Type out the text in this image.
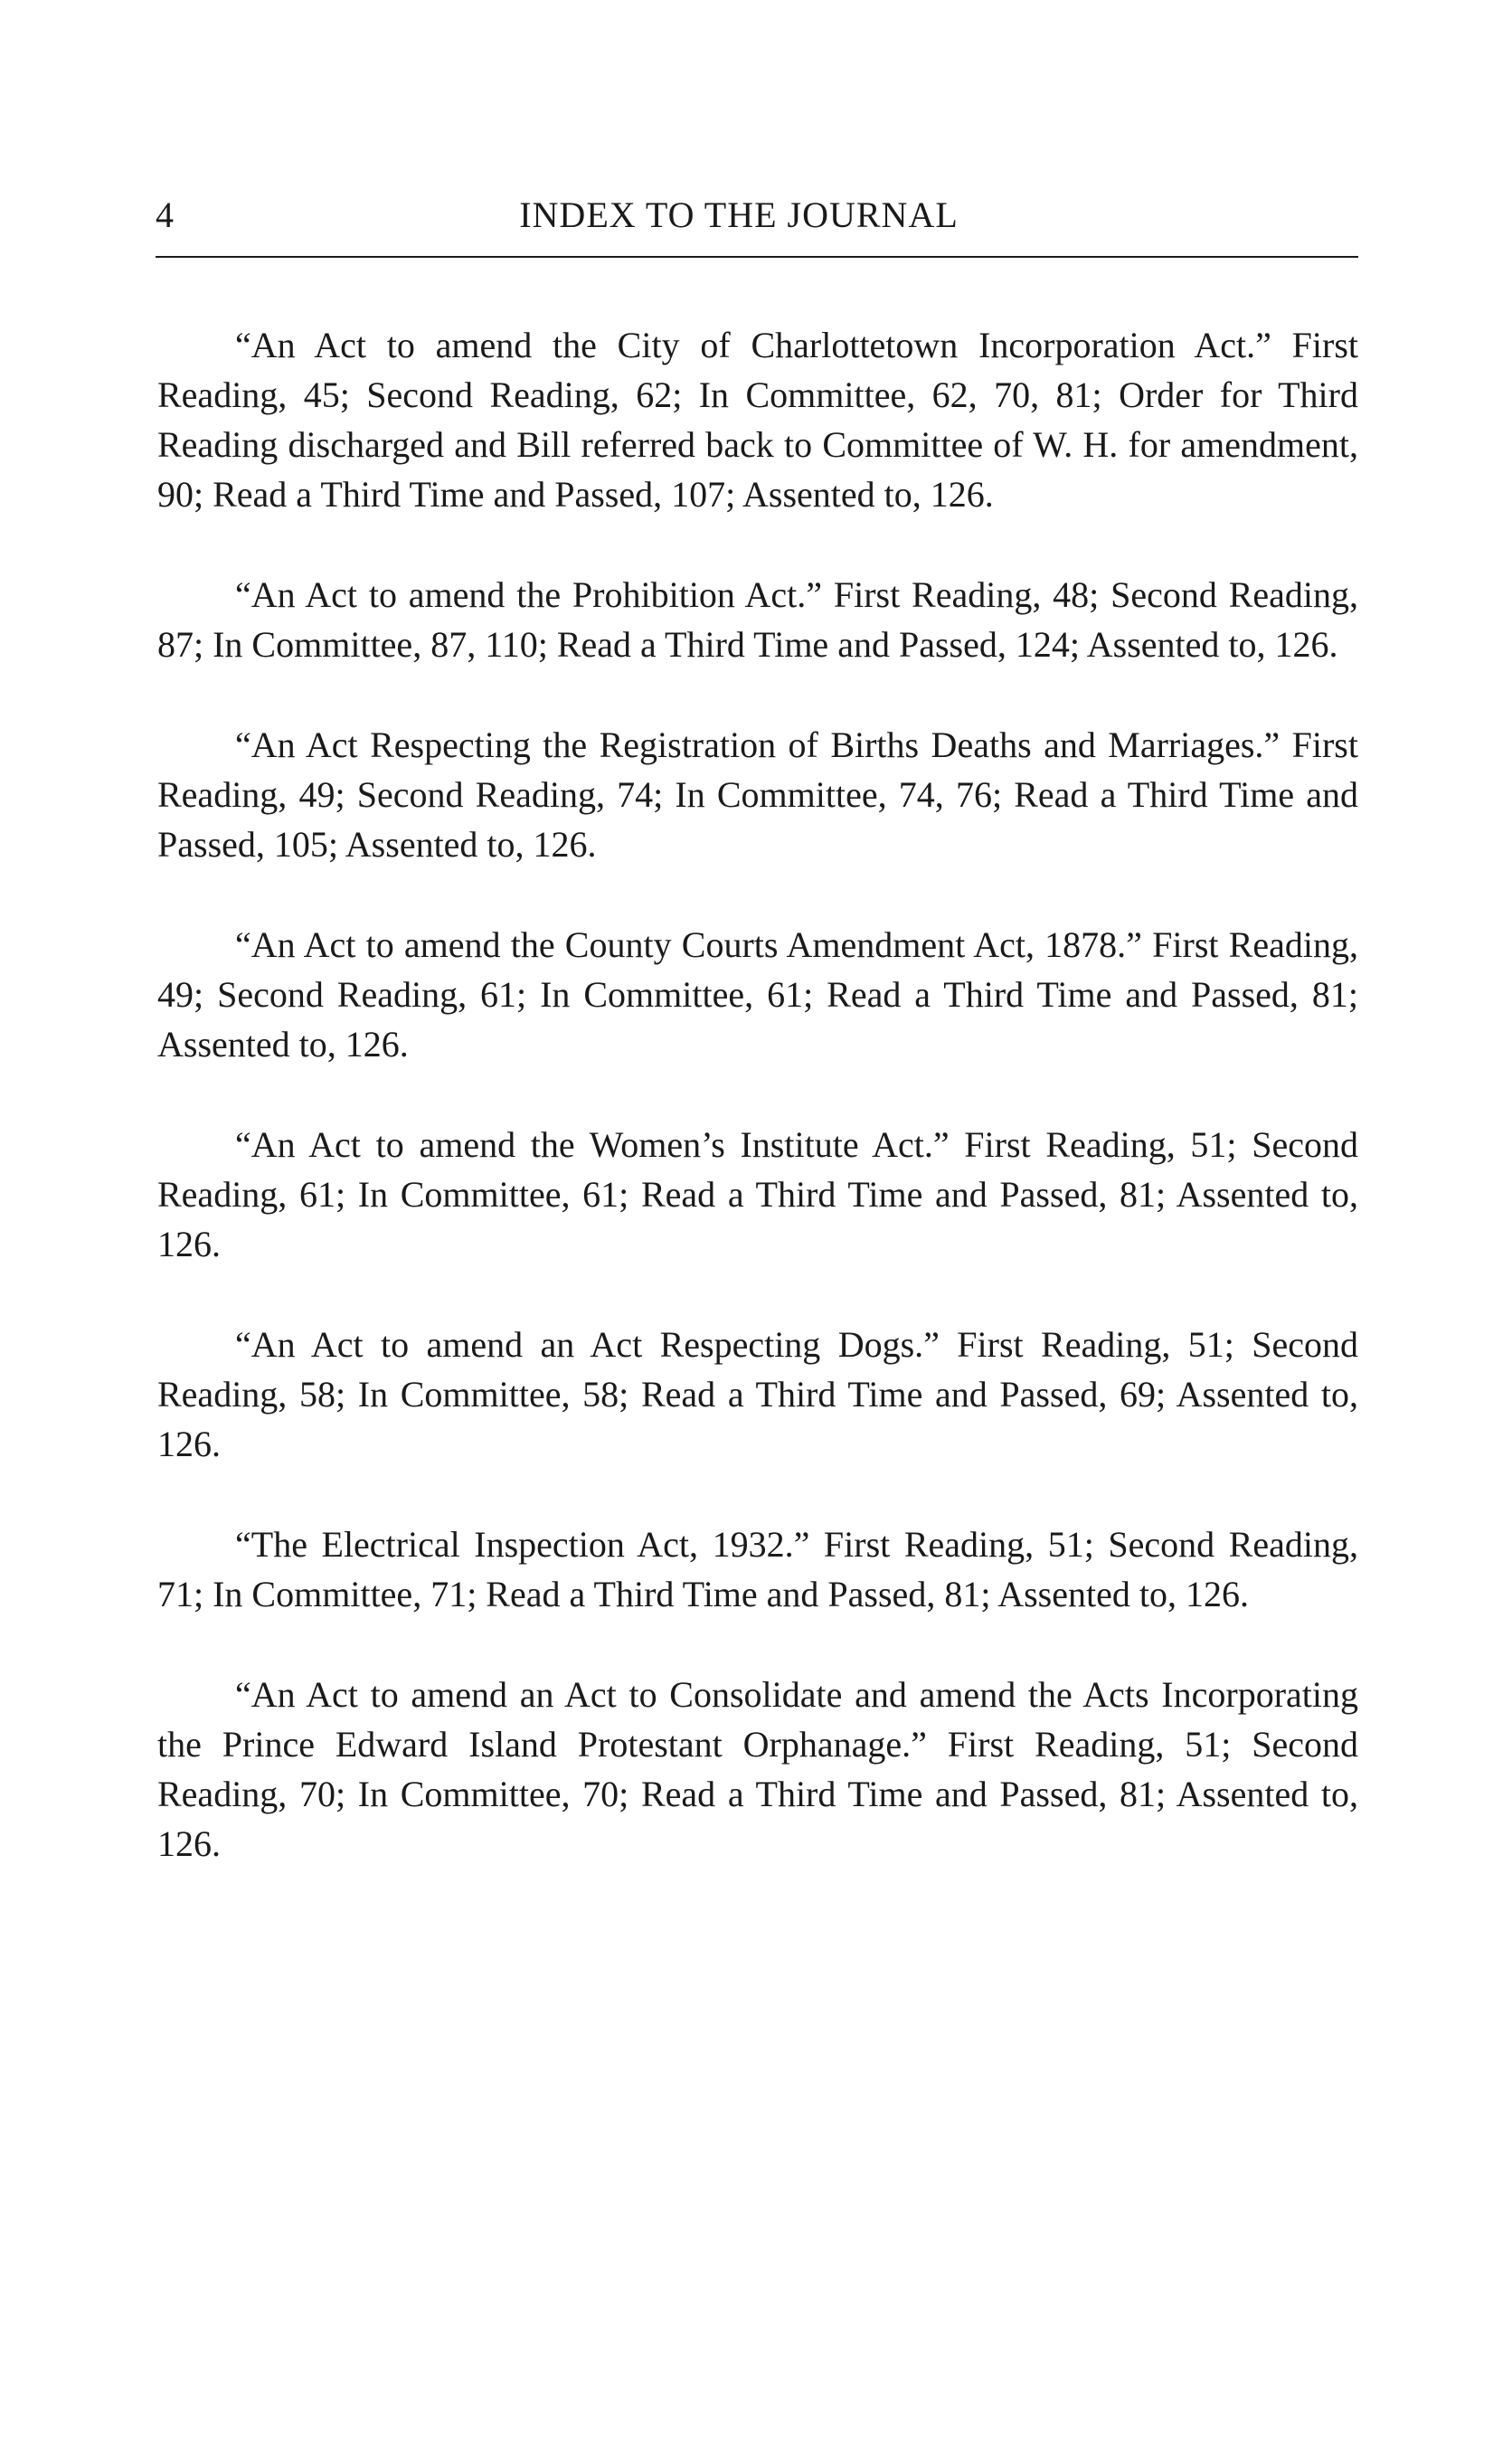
4	INDEX TO THE JOURNAL

“An Act to amend the City of Charlottetown Incorporation Act.” First Reading, 45; Second Reading, 62; In Committee, 62, 70, 81; Order for Third Reading discharged and Bill referred back to Committee of W. H. for amendment, 90; Read a Third Time and Passed, 107; Assented to, 126.

“An Act to amend the Prohibition Act.” First Reading, 48; Second Reading, 87; In Committee, 87, 110; Read a Third Time and Passed, 124; Assented to, 126.

“An Act Respecting the Registration of Births Deaths and Marriages.” First Reading, 49; Second Reading, 74; In Committee, 74, 76; Read a Third Time and Passed, 105; Assented to, 126.

“An Act to amend the County Courts Amendment Act, 1878.” First Reading, 49; Second Reading, 61; In Committee, 61; Read a Third Time and Passed, 81; Assented to, 126.

“An Act to amend the Women’s Institute Act.” First Reading, 51; Second Reading, 61; In Committee, 61; Read a Third Time and Passed, 81; Assented to, 126.

“An Act to amend an Act Respecting Dogs.” First Reading, 51; Second Reading, 58; In Committee, 58; Read a Third Time and Passed, 69; Assented to, 126.

“The Electrical Inspection Act, 1932.” First Reading, 51; Second Reading, 71; In Committee, 71; Read a Third Time and Passed, 81; Assented to, 126.

“An Act to amend an Act to Consolidate and amend the Acts Incorporating the Prince Edward Island Protestant Orphanage.” First Reading, 51; Second Reading, 70; In Committee, 70; Read a Third Time and Passed, 81; Assented to, 126.
